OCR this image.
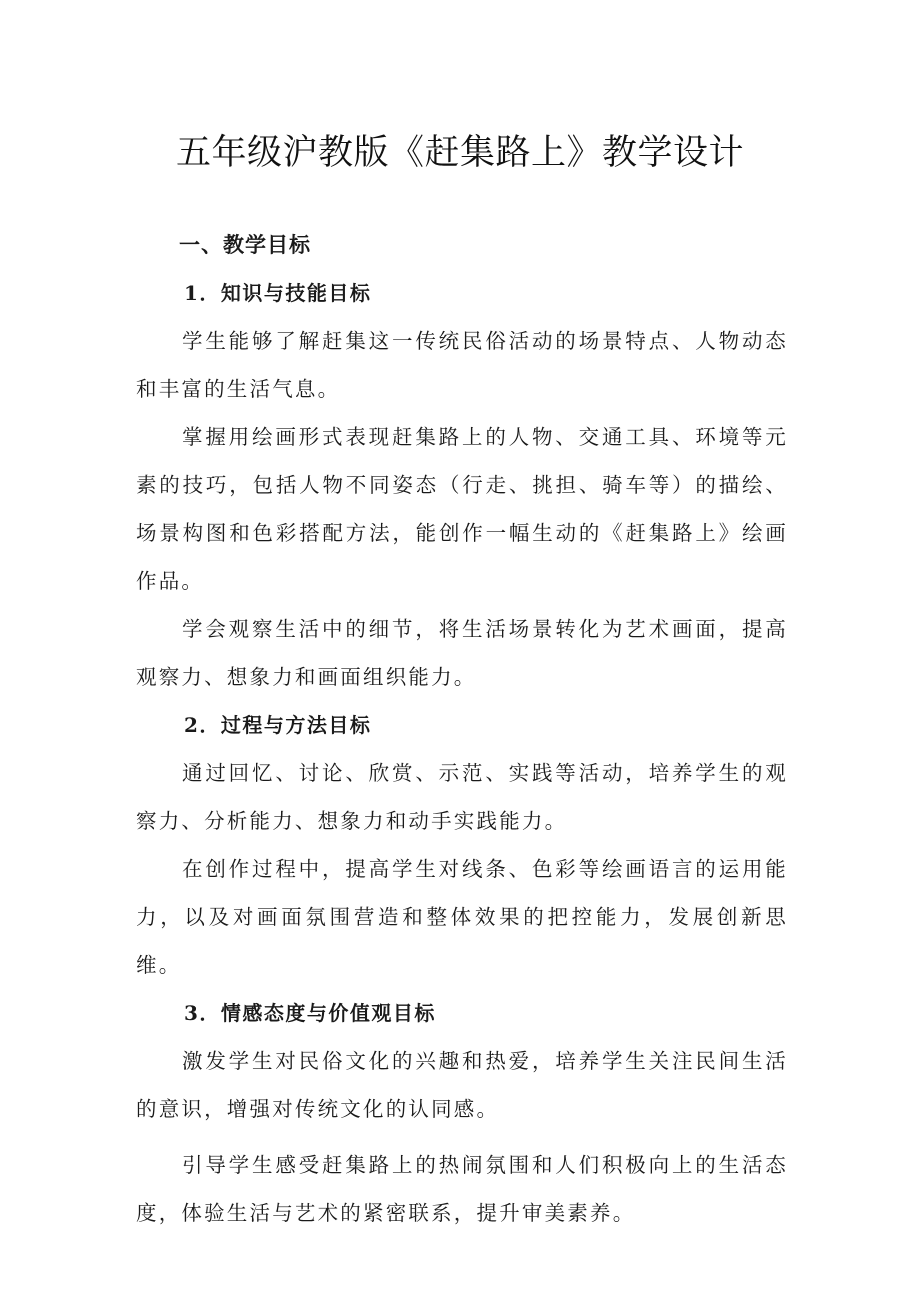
五年级沪教版《赶集路上》教学设计
一、教学目标
1．知识与技能目标

学生能够了解赶集这一传统民俗活动的场景特点、人物动态和丰富的生活气息。

掌握用绘画形式表现赶集路上的人物、交通工具、环境等元素的技巧，包括人物不同姿态（行走、挑担、骑车等）的描绘、场景构图和色彩搭配方法，能创作一幅生动的《赶集路上》绘画作品。

学会观察生活中的细节，将生活场景转化为艺术画面，提高观察力、想象力和画面组织能力。

2．过程与方法目标

通过回忆、讨论、欣赏、示范、实践等活动，培养学生的观察力、分析能力、想象力和动手实践能力。

在创作过程中，提高学生对线条、色彩等绘画语言的运用能力，以及对画面氛围营造和整体效果的把控能力，发展创新思维。

3．情感态度与价值观目标

激发学生对民俗文化的兴趣和热爱，培养学生关注民间生活的意识，增强对传统文化的认同感。

引导学生感受赶集路上的热闹氛围和人们积极向上的生活态度，体验生活与艺术的紧密联系，提升审美素养。
